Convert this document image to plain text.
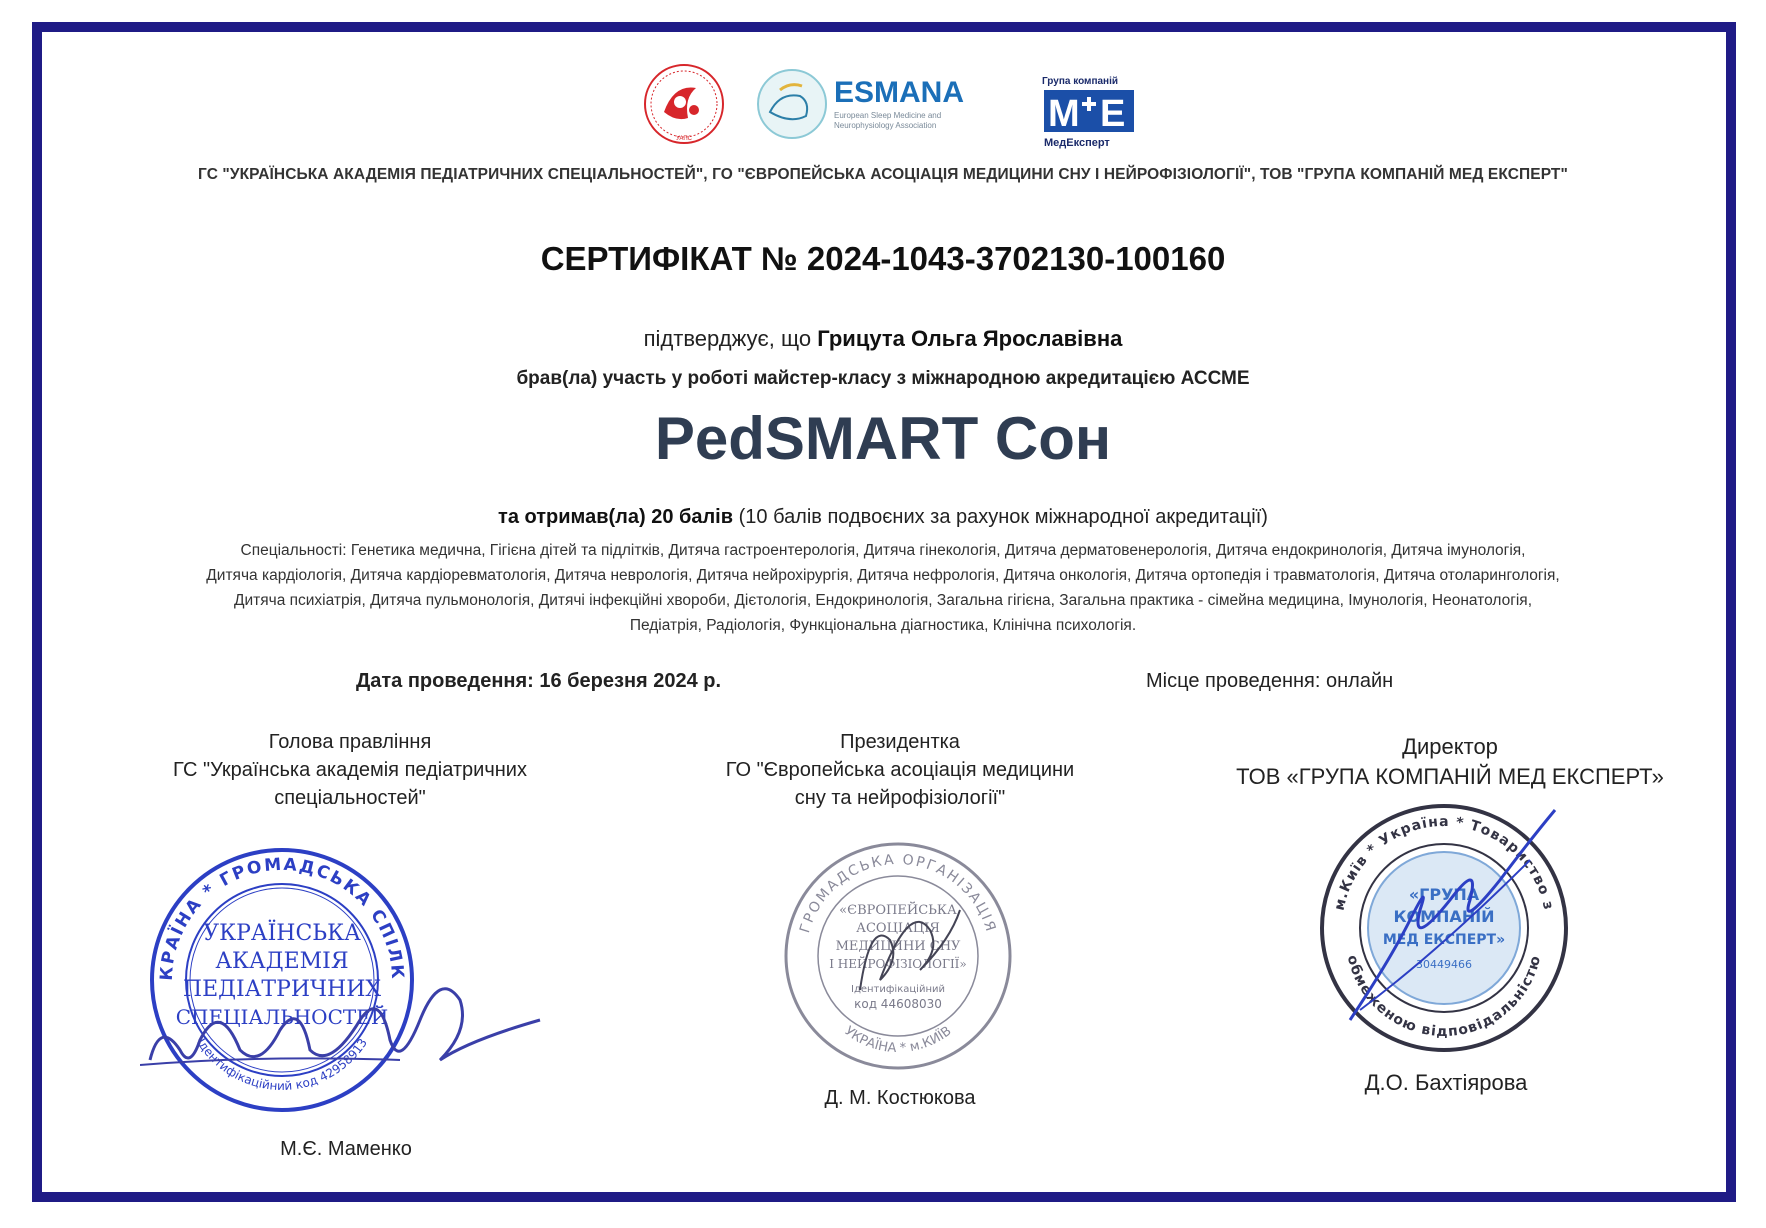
УАПС
ESMANA
European Sleep Medicine and
Neurophysiology Association
Група компаній
М Е
МедЕксперт
ГС "УКРАЇНСЬКА АКАДЕМІЯ ПЕДІАТРИЧНИХ СПЕЦІАЛЬНОСТЕЙ", ГО "ЄВРОПЕЙСЬКА АСОЦІАЦІЯ МЕДИЦИНИ СНУ І НЕЙРОФІЗІОЛОГІЇ", ТОВ "ГРУПА КОМПАНІЙ МЕД ЕКСПЕРТ"
СЕРТИФІКАТ № 2024-1043-3702130-100160
підтверджує, що Грицута Ольга Ярославівна
брав(ла) участь у роботі майстер-класу з міжнародною акредитацією АССМЕ
PedSMART Сон
та отримав(ла) 20 балів (10 балів подвоєних за рахунок міжнародної акредитації)
Спеціальності: Генетика медична, Гігієна дітей та підлітків, Дитяча гастроентерологія, Дитяча гінекологія, Дитяча дерматовенерологія, Дитяча ендокринологія, Дитяча імунологія,
Дитяча кардіологія, Дитяча кардіоревматологія, Дитяча неврологія, Дитяча нейрохірургія, Дитяча нефрологія, Дитяча онкологія, Дитяча ортопедія і травматологія, Дитяча отоларингологія,
Дитяча психіатрія, Дитяча пульмонологія, Дитячі інфекційні хвороби, Дієтологія, Ендокринологія, Загальна гігієна, Загальна практика - сімейна медицина, Імунологія, Неонатологія,
Педіатрія, Радіологія, Функціональна діагностика, Клінічна психологія.
Дата проведення: 16 березня 2024 р.	Місце проведення: онлайн
Голова правління
ГС "Українська академія педіатричних
спеціальностей"
Президентка
ГО "Європейська асоціація медицини
сну та нейрофізіології"
Директор
ТОВ «ГРУПА КОМПАНІЙ МЕД ЕКСПЕРТ»
КРАЇНА * ГРОМАДСЬКА СПІЛК
Ідентифікаційний код 42958913
УКРАЇНСЬКА
АКАДЕМІЯ
ПЕДІАТРИЧНИХ
СПЕЦІАЛЬНОСТЕЙ
М.Є. Маменко
ГРОМАДСЬКА ОРГАНІЗАЦІЯ
УКРАЇНА * м.КИЇВ
«ЄВРОПЕЙСЬКА
АСОЦІАЦІЯ
МЕДИЦИНИ СНУ
І НЕЙРОФІЗІОЛОГІЇ»
Ідентифікаційний
код 44608030
Д. М. Костюкова
м.Київ * Україна * Товариство з
обмеженою відповідальністю
«ГРУПА
КОМПАНІЙ
МЕД ЕКСПЕРТ»
30449466
Д.О. Бахтіярова
